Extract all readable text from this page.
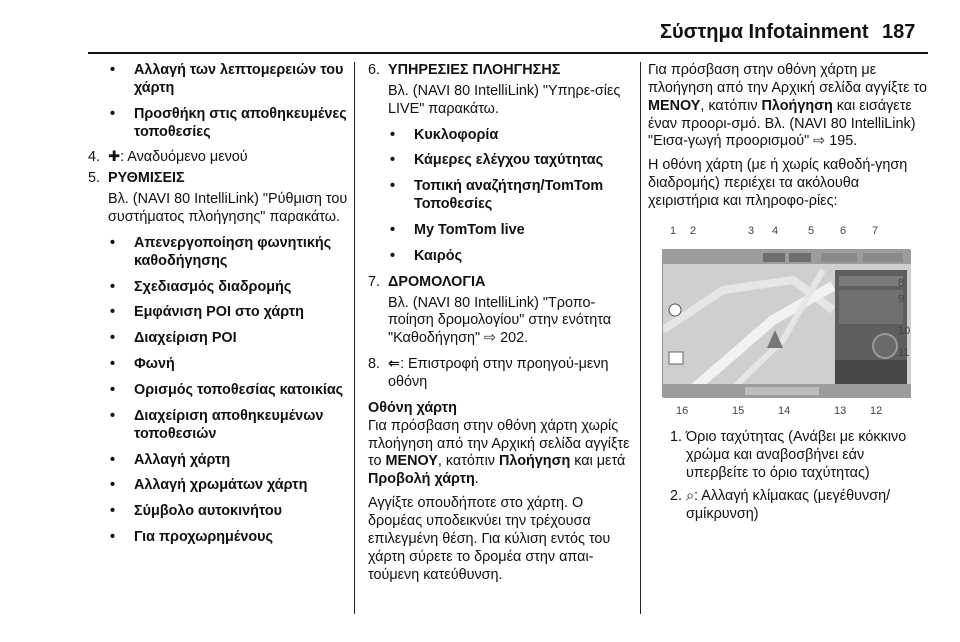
Σύστημα Infotainment 187
• Αλλαγή των λεπτομερειών του χάρτη
• Προσθήκη στις αποθηκευμένες τοποθεσίες
4. ✚: Αναδυόμενο μενού
5. ΡΥΘΜΙΣΕΙΣ
Βλ. (NAVI 80 IntelliLink) "Ρύθμιση του συστήματος πλοήγησης" παρακάτω.
• Απενεργοποίηση φωνητικής καθοδήγησης
• Σχεδιασμός διαδρομής
• Εμφάνιση POI στο χάρτη
• Διαχείριση POI
• Φωνή
• Ορισμός τοποθεσίας κατοικίας
• Διαχείριση αποθηκευμένων τοποθεσιών
• Αλλαγή χάρτη
• Αλλαγή χρωμάτων χάρτη
• Σύμβολο αυτοκινήτου
• Για προχωρημένους
6. ΥΠΗΡΕΣΙΕΣ ΠΛΟΗΓΗΣΗΣ
Βλ. (NAVI 80 IntelliLink) "Υπηρε-σίες LIVE" παρακάτω.
• Κυκλοφορία
• Κάμερες ελέγχου ταχύτητας
• Τοπική αναζήτηση/TomTom Τοποθεσίες
• My TomTom live
• Καιρός
7. ΔΡΟΜΟΛΟΓΙΑ
Βλ. (NAVI 80 IntelliLink) "Τροπο-ποίηση δρομολογίου" στην ενότητα "Καθοδήγηση" ⇨ 202.
8. ⇐: Επιστροφή στην προηγού-μενη οθόνη
Οθόνη χάρτη
Για πρόσβαση στην οθόνη χάρτη χωρίς πλοήγηση από την Αρχική σελίδα αγγίξτε το ΜΕΝΟΥ, κατόπιν Πλοήγηση και μετά Προβολή χάρτη.
Αγγίξτε οπουδήποτε στο χάρτη. Ο δρομέας υποδεικνύει την τρέχουσα επιλεγμένη θέση. Για κύλιση εντός του χάρτη σύρετε το δρομέα στην απαι-τούμενη κατεύθυνση.
Για πρόσβαση στην οθόνη χάρτη με πλοήγηση από την Αρχική σελίδα αγγίξτε το ΜΕΝΟΥ, κατόπιν Πλοήγηση και εισάγετε έναν προορι-σμό. Βλ. (NAVI 80 IntelliLink) "Εισα-γωγή προορισμού" ⇨ 195.
Η οθόνη χάρτη (με ή χωρίς καθοδή-γηση διαδρομής) περιέχει τα ακόλουθα χειριστήρια και πληροφο-ρίες:
1 2	3 4	5 6 7
8
9
10
11
16	15	14	13 12
1. Όριο ταχύτητας (Ανάβει με κόκκινο χρώμα και αναβοσβήνει εάν υπερβείτε το όριο ταχύτητας)
2. ⌕: Αλλαγή κλίμακας (μεγέθυνση/ σμίκρυνση)
